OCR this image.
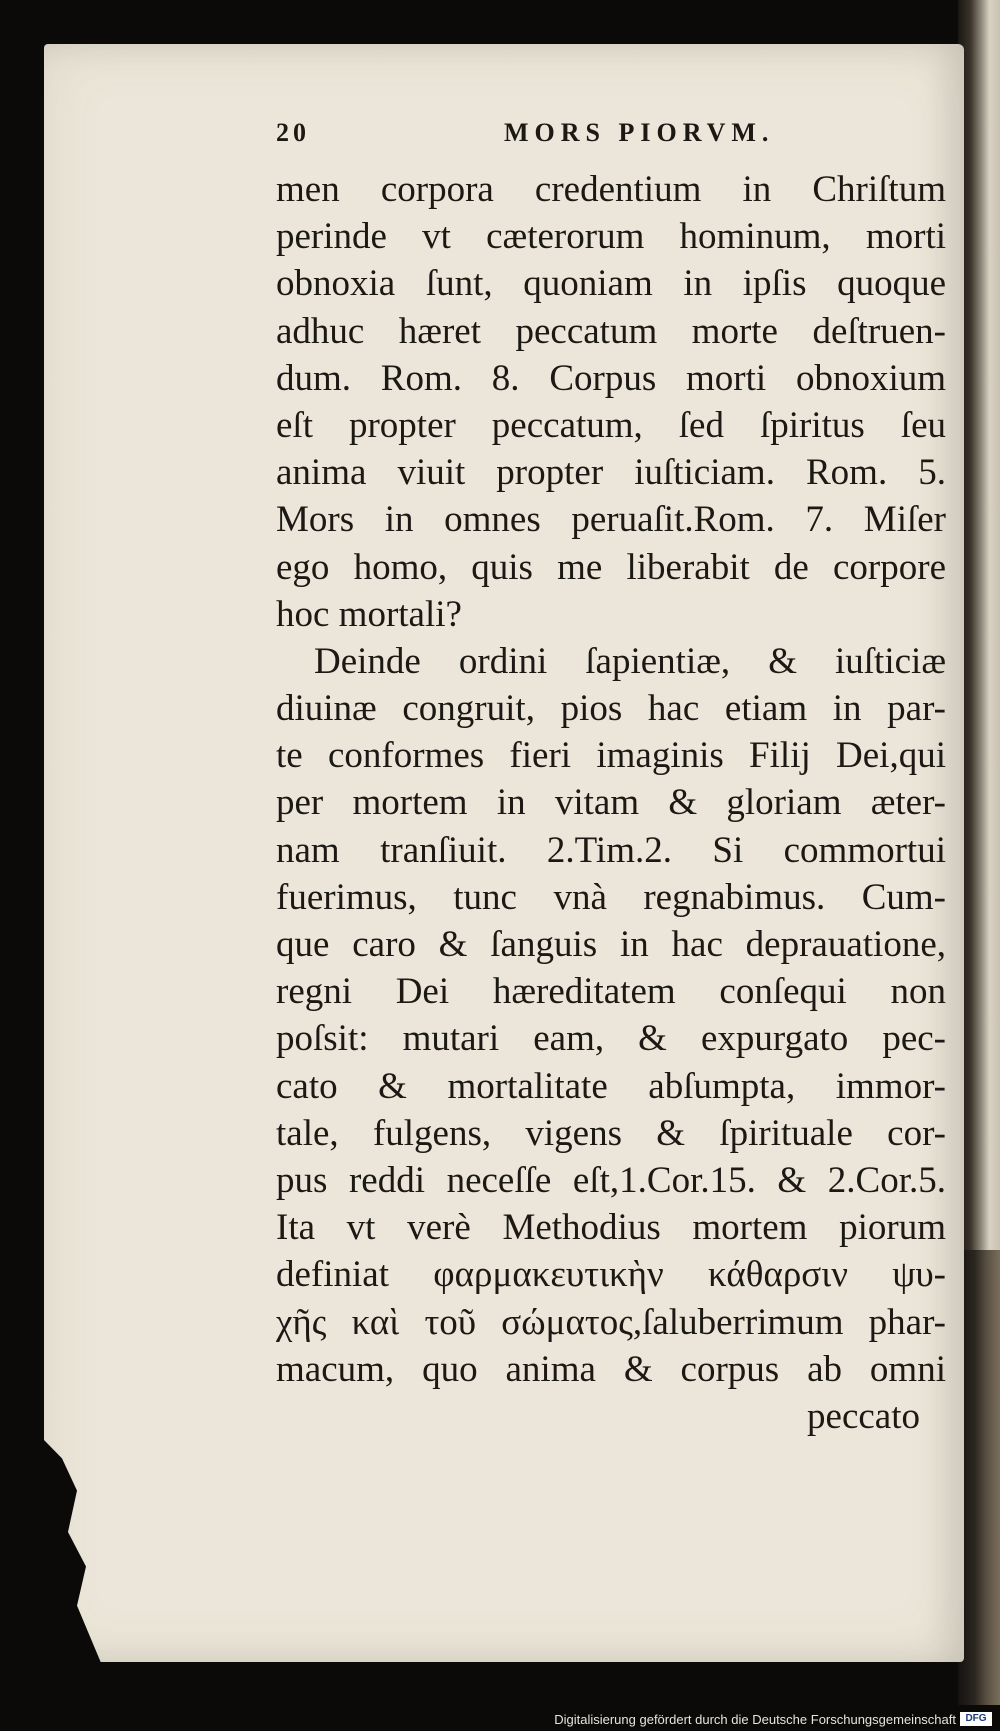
20	MORS PIORVM.
men corpora credentium in Chriſtum
perinde vt cæterorum hominum, morti
obnoxia ſunt, quoniam in ipſis quoque
adhuc hæret peccatum morte deſtruen-
dum. Rom. 8. Corpus morti obnoxium
eſt propter peccatum, ſed ſpiritus ſeu
anima viuit propter iuſticiam. Rom. 5.
Mors in omnes peruaſit.Rom. 7. Miſer
ego homo, quis me liberabit de corpore
hoc mortali?
Deinde ordini ſapientiæ, & iuſticiæ
diuinæ congruit, pios hac etiam in par-
te conformes fieri imaginis Filij Dei,qui
per mortem in vitam & gloriam æter-
nam tranſiuit. 2.Tim.2. Si commortui
fuerimus, tunc vnà regnabimus. Cum-
que caro & ſanguis in hac deprauatione,
regni Dei hæreditatem conſequi non
poſsit: mutari eam, & expurgato pec-
cato & mortalitate abſumpta, immor-
tale, fulgens, vigens & ſpirituale cor-
pus reddi neceſſe eſt,1.Cor.15. & 2.Cor.5.
Ita vt verè Methodius mortem piorum
definiat φαρμακευτικὴν κάθαρσιν ψυ-
χῆς καὶ τοῦ σώματος,ſaluberrimum phar-
macum, quo anima & corpus ab omni
peccato
Digitalisierung gefördert durch die Deutsche Forschungsgemeinschaft DFG
